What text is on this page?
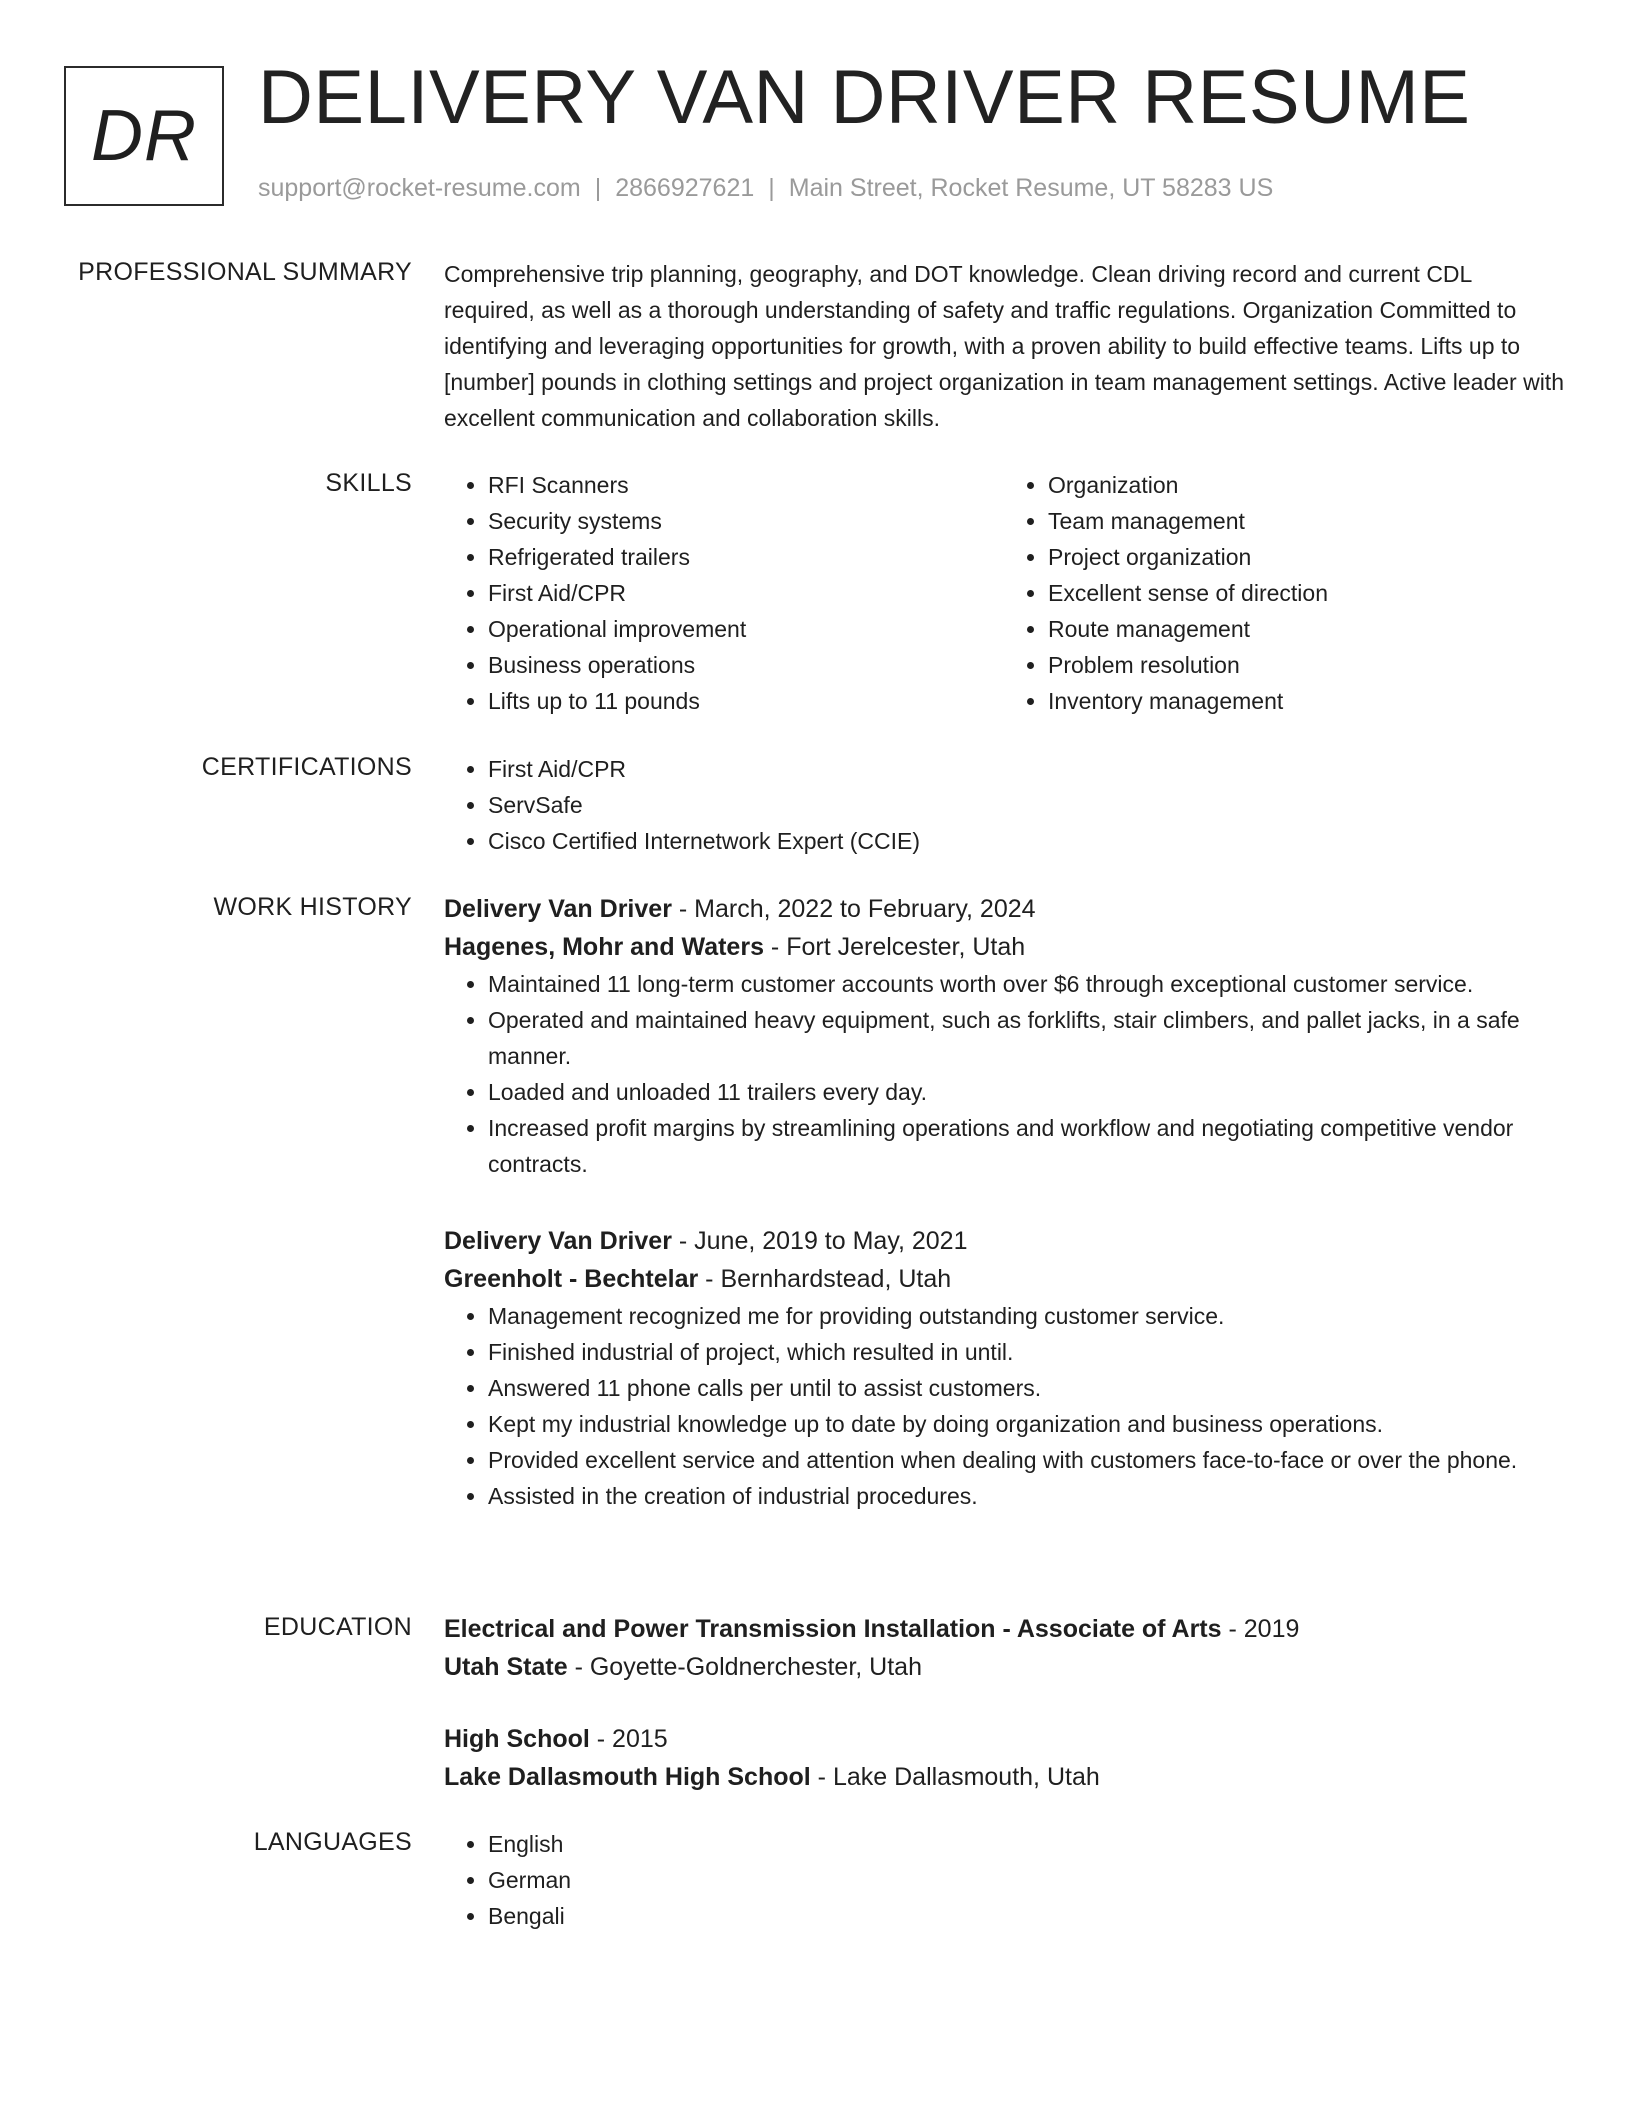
DR DELIVERY VAN DRIVER RESUME
support@rocket-resume.com | 2866927621 | Main Street, Rocket Resume, UT 58283 US
PROFESSIONAL SUMMARY Comprehensive trip planning, geography, and DOT knowledge. Clean driving record and current CDL required, as well as a thorough understanding of safety and traffic regulations. Organization Committed to identifying and leveraging opportunities for growth, with a proven ability to build effective teams. Lifts up to [number] pounds in clothing settings and project organization in team management settings. Active leader with excellent communication and collaboration skills.

SKILLS	• RFI Scanners
• Security systems
• Refrigerated trailers
• First Aid/CPR
• Operational improvement
• Business operations
• Lifts up to 11 pounds
• Organization
• Team management
• Project organization
• Excellent sense of direction
• Route management
• Problem resolution
• Inventory management
CERTIFICATIONS	• First Aid/CPR
• ServSafe
• Cisco Certified Internetwork Expert (CCIE)
WORK HISTORY Delivery Van Driver - March, 2022 to February, 2024
Hagenes, Mohr and Waters - Fort Jerelcester, Utah
• Maintained 11 long-term customer accounts worth over $6 through exceptional customer service.
• Operated and maintained heavy equipment, such as forklifts, stair climbers, and pallet jacks, in a safe manner.
• Loaded and unloaded 11 trailers every day.
• Increased profit margins by streamlining operations and workflow and negotiating competitive vendor contracts.
Delivery Van Driver - June, 2019 to May, 2021
Greenholt - Bechtelar - Bernhardstead, Utah
• Management recognized me for providing outstanding customer service.
• Finished industrial of project, which resulted in until.
• Answered 11 phone calls per until to assist customers.
• Kept my industrial knowledge up to date by doing organization and business operations.
• Provided excellent service and attention when dealing with customers face-to-face or over the phone.
• Assisted in the creation of industrial procedures.
EDUCATION Electrical and Power Transmission Installation - Associate of Arts - 2019
Utah State - Goyette-Goldnerchester, Utah
High School - 2015
Lake Dallasmouth High School - Lake Dallasmouth, Utah
LANGUAGES	• English
• German
• Bengali
